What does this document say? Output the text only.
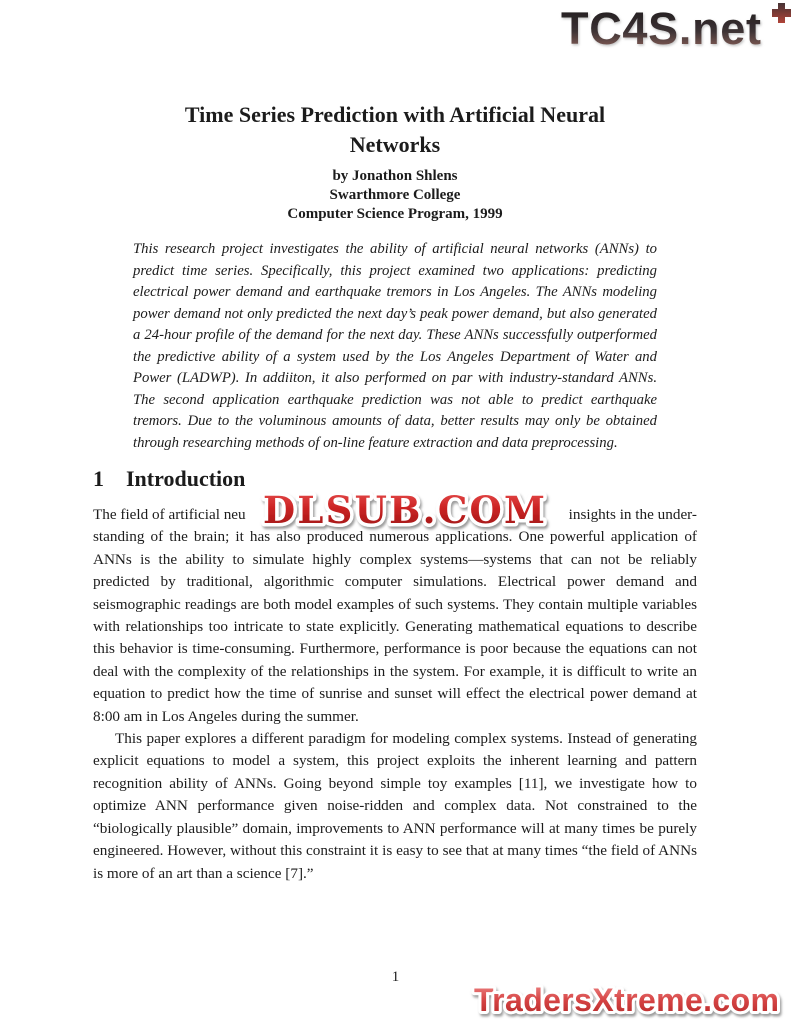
TC4S.net
Time Series Prediction with Artificial Neural
Networks
by Jonathon Shlens
Swarthmore College
Computer Science Program, 1999
This research project investigates the ability of artificial neural networks (ANNs) to predict time series. Specifically, this project examined two applications: predicting electrical power demand and earthquake tremors in Los Angeles. The ANNs modeling power demand not only predicted the next day’s peak power demand, but also generated a 24-hour profile of the demand for the next day. These ANNs successfully outperformed the predictive ability of a system used by the Los Angeles Department of Water and Power (LADWP). In addiiton, it also performed on par with industry-standard ANNs. The second application earthquake prediction was not able to predict earthquake tremors. Due to the voluminous amounts of data, better results may only be obtained through researching methods of on-line feature extraction and data preprocessing.
1 Introduction
The field of artificial neu	insights in the under-

standing of the brain; it has also produced numerous applications. One powerful application of ANNs is the ability to simulate highly complex systems—systems that can not be reliably predicted by traditional, algorithmic computer simulations. Electrical power demand and seismographic readings are both model examples of such systems. They contain multiple variables with relationships too intricate to state explicitly. Generating mathematical equations to describe this behavior is time-consuming. Furthermore, performance is poor because the equations can not deal with the complexity of the relationships in the system. For example, it is difficult to write an equation to predict how the time of sunrise and sunset will effect the electrical power demand at 8:00 am in Los Angeles during the summer.

This paper explores a different paradigm for modeling complex systems. Instead of generating explicit equations to model a system, this project exploits the inherent learning and pattern recognition ability of ANNs. Going beyond simple toy examples [11], we investigate how to optimize ANN performance given noise-ridden and complex data. Not constrained to the “biologically plausible” domain, improvements to ANN performance will at many times be purely engineered. However, without this constraint it is easy to see that at many times “the field of ANNs is more of an art than a science [7].”

DLSUB.COM
1
TradersXtreme.com
